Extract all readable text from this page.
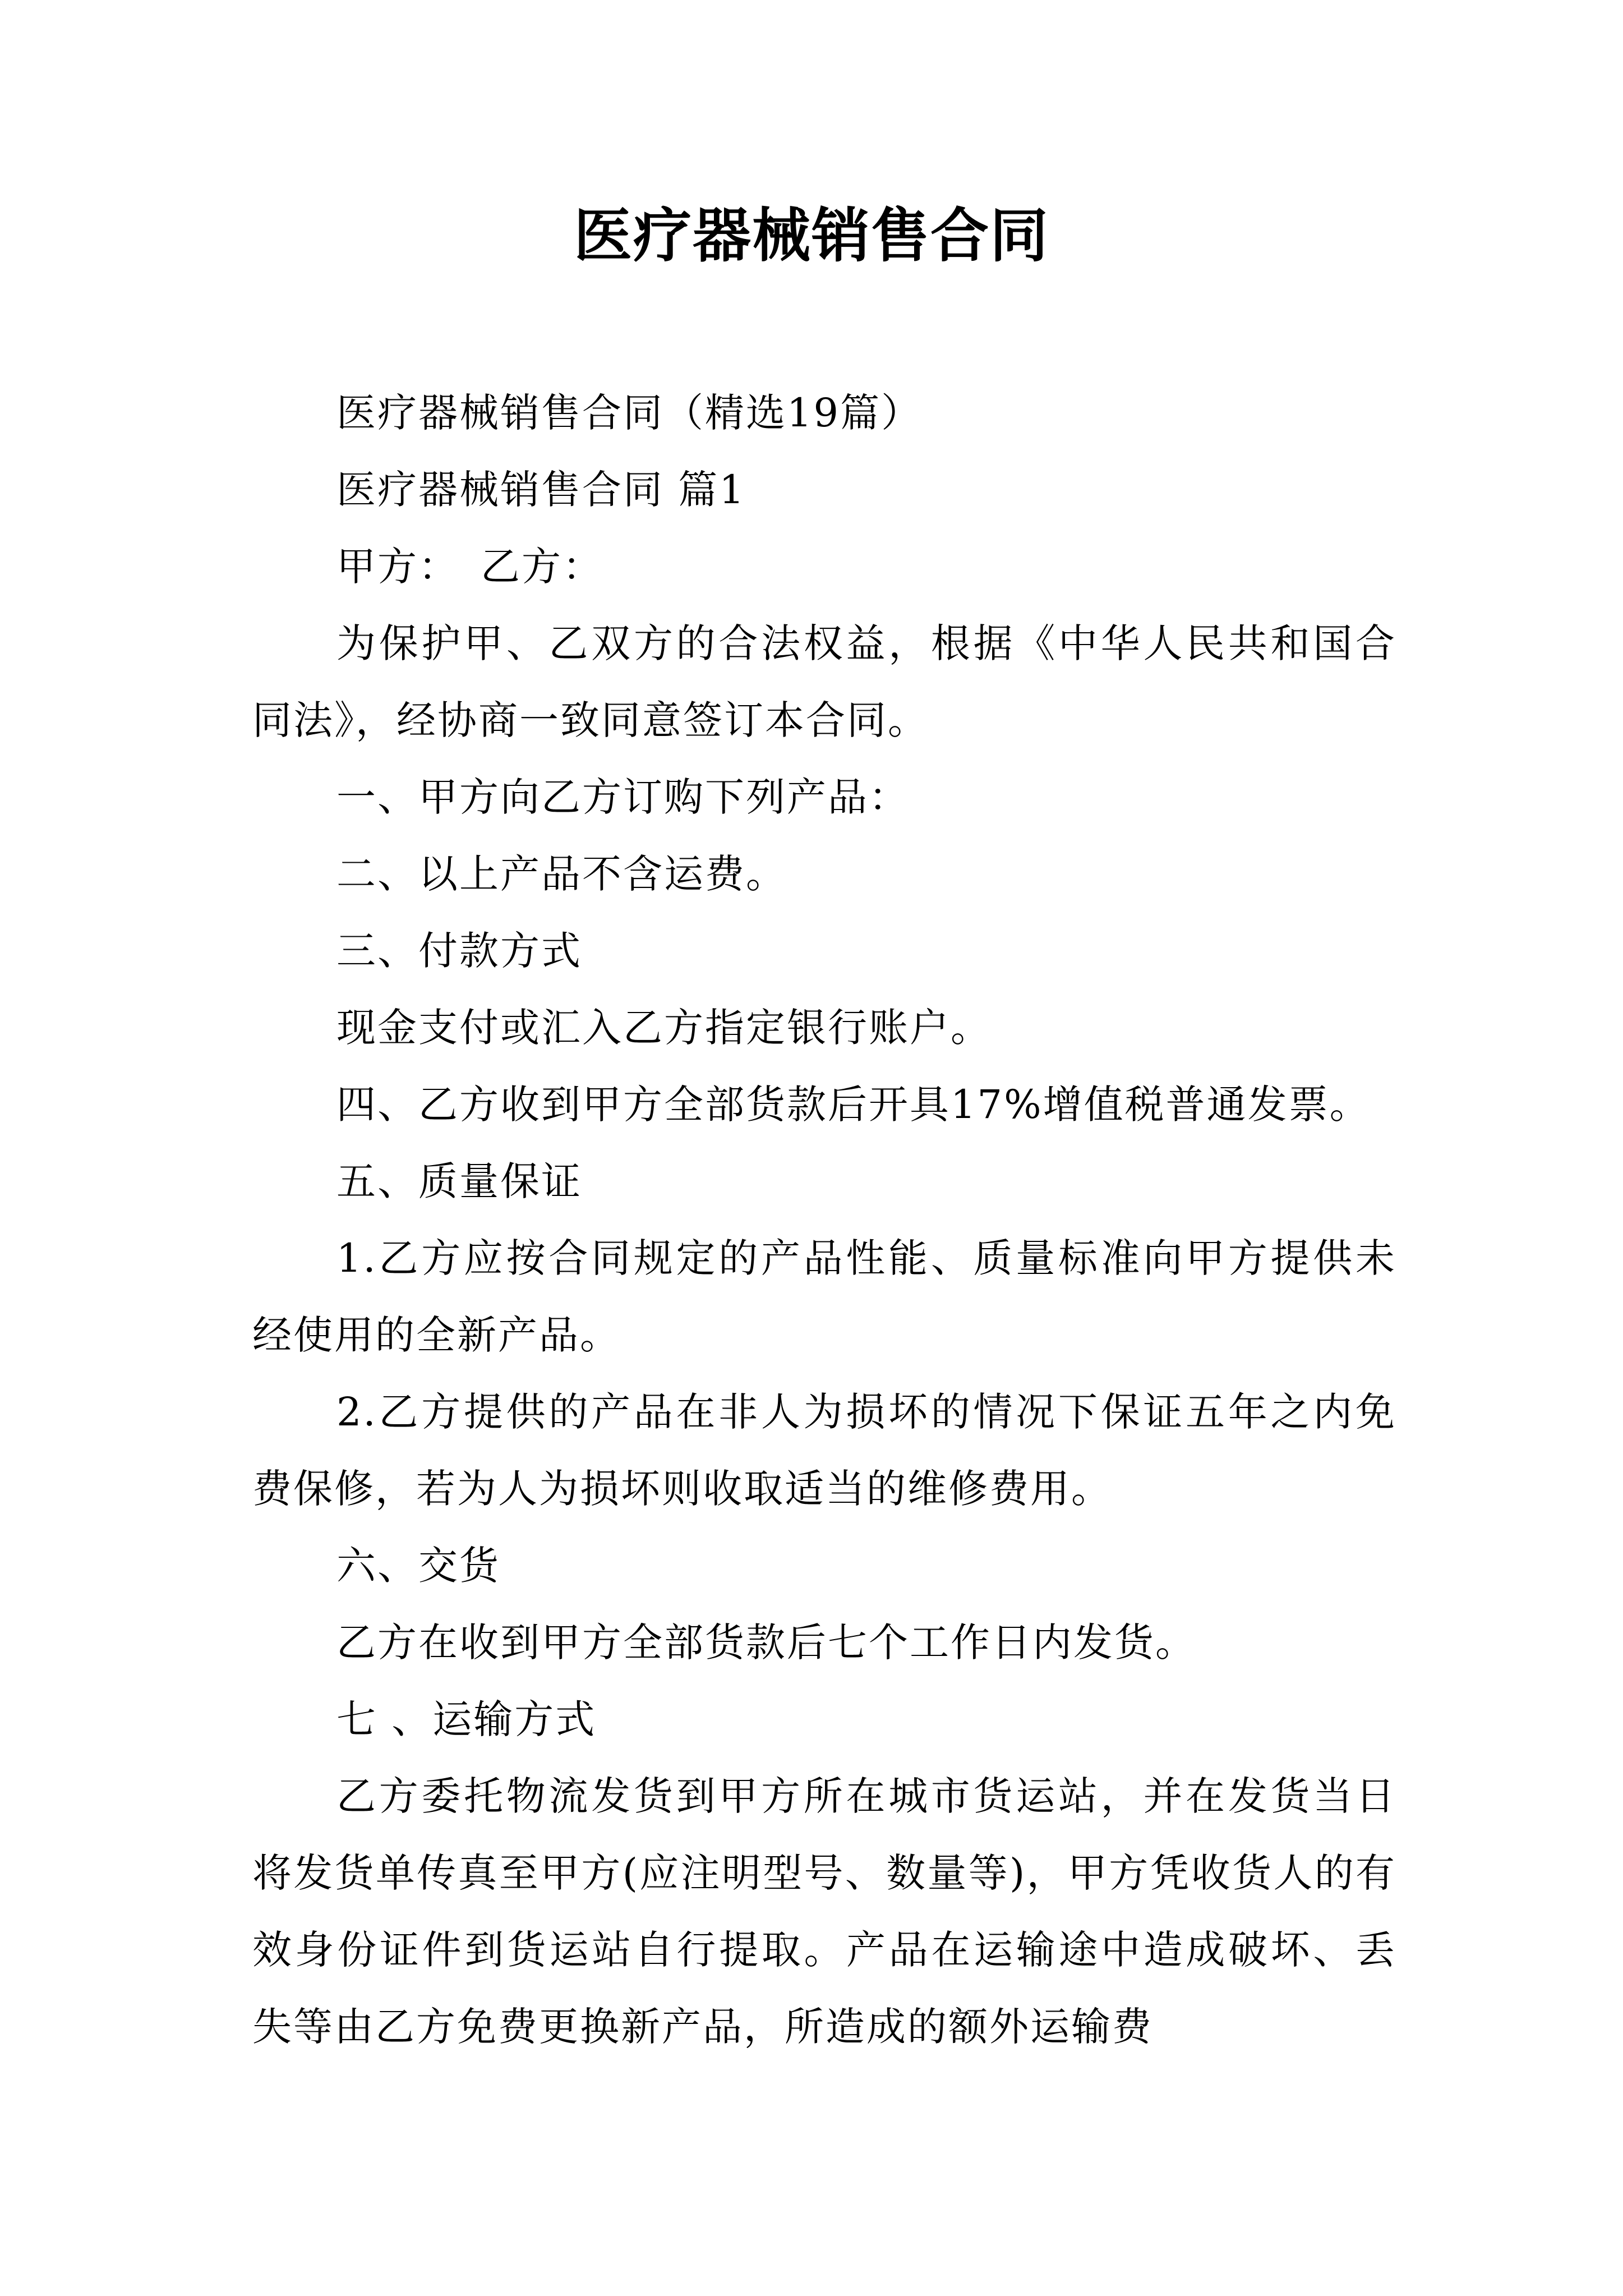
医疗器械销售合同

医疗器械销售合同（精选19篇）

医疗器械销售合同 篇1

甲方：　乙方：

为保护甲、乙双方的合法权益，根据《中华人民共和国合同法》，经协商一致同意签订本合同。

一、甲方向乙方订购下列产品：

二、以上产品不含运费。

三、付款方式

现金支付或汇入乙方指定银行账户。

四、乙方收到甲方全部货款后开具17%增值税普通发票。

五、质量保证

1.乙方应按合同规定的产品性能、质量标准向甲方提供未经使用的全新产品。

2.乙方提供的产品在非人为损坏的情况下保证五年之内免费保修，若为人为损坏则收取适当的维修费用。

六、交货

乙方在收到甲方全部货款后七个工作日内发货。

七 、运输方式

乙方委托物流发货到甲方所在城市货运站，并在发货当日将发货单传真至甲方(应注明型号、数量等)，甲方凭收货人的有效身份证件到货运站自行提取。产品在运输途中造成破坏、丢失等由乙方免费更换新产品，所造成的额外运输费
